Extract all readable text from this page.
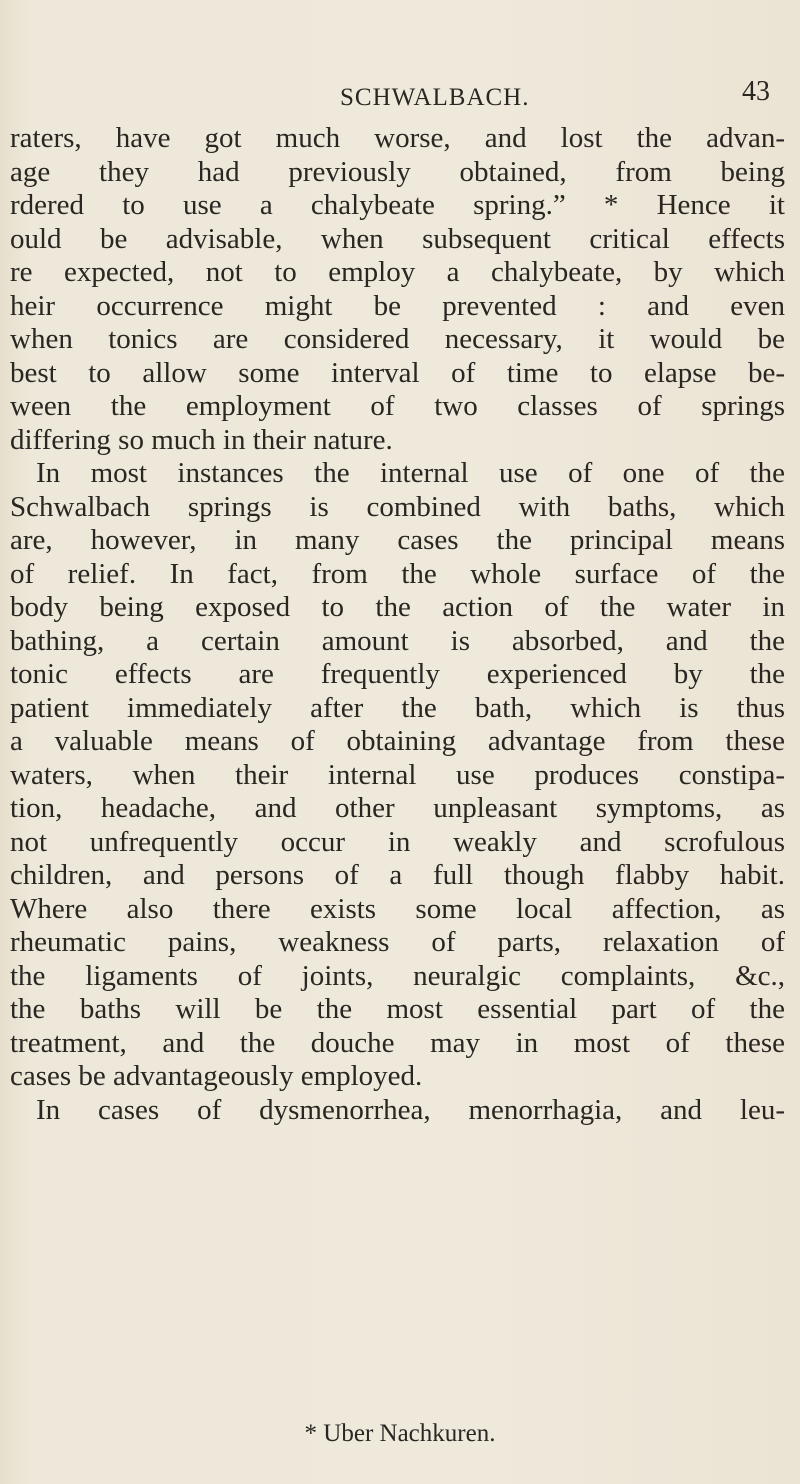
SCHWALBACH.	43
raters, have got much worse, and lost the advan-
age they had previously obtained, from being
rdered to use a chalybeate spring.” * Hence it
ould be advisable, when subsequent critical effects
re expected, not to employ a chalybeate, by which
heir occurrence might be prevented : and even
when tonics are considered necessary, it would be
best to allow some interval of time to elapse be-
ween the employment of two classes of springs
differing so much in their nature.
In most instances the internal use of one of the
Schwalbach springs is combined with baths, which
are, however, in many cases the principal means
of relief. In fact, from the whole surface of the
body being exposed to the action of the water in
bathing, a certain amount is absorbed, and the
tonic effects are frequently experienced by the
patient immediately after the bath, which is thus
a valuable means of obtaining advantage from these
waters, when their internal use produces constipa-
tion, headache, and other unpleasant symptoms, as
not unfrequently occur in weakly and scrofulous
children, and persons of a full though flabby habit.
Where also there exists some local affection, as
rheumatic pains, weakness of parts, relaxation of
the ligaments of joints, neuralgic complaints, &c.,
the baths will be the most essential part of the
treatment, and the douche may in most of these
cases be advantageously employed.
In cases of dysmenorrhea, menorrhagia, and leu-
* Uber Nachkuren.
